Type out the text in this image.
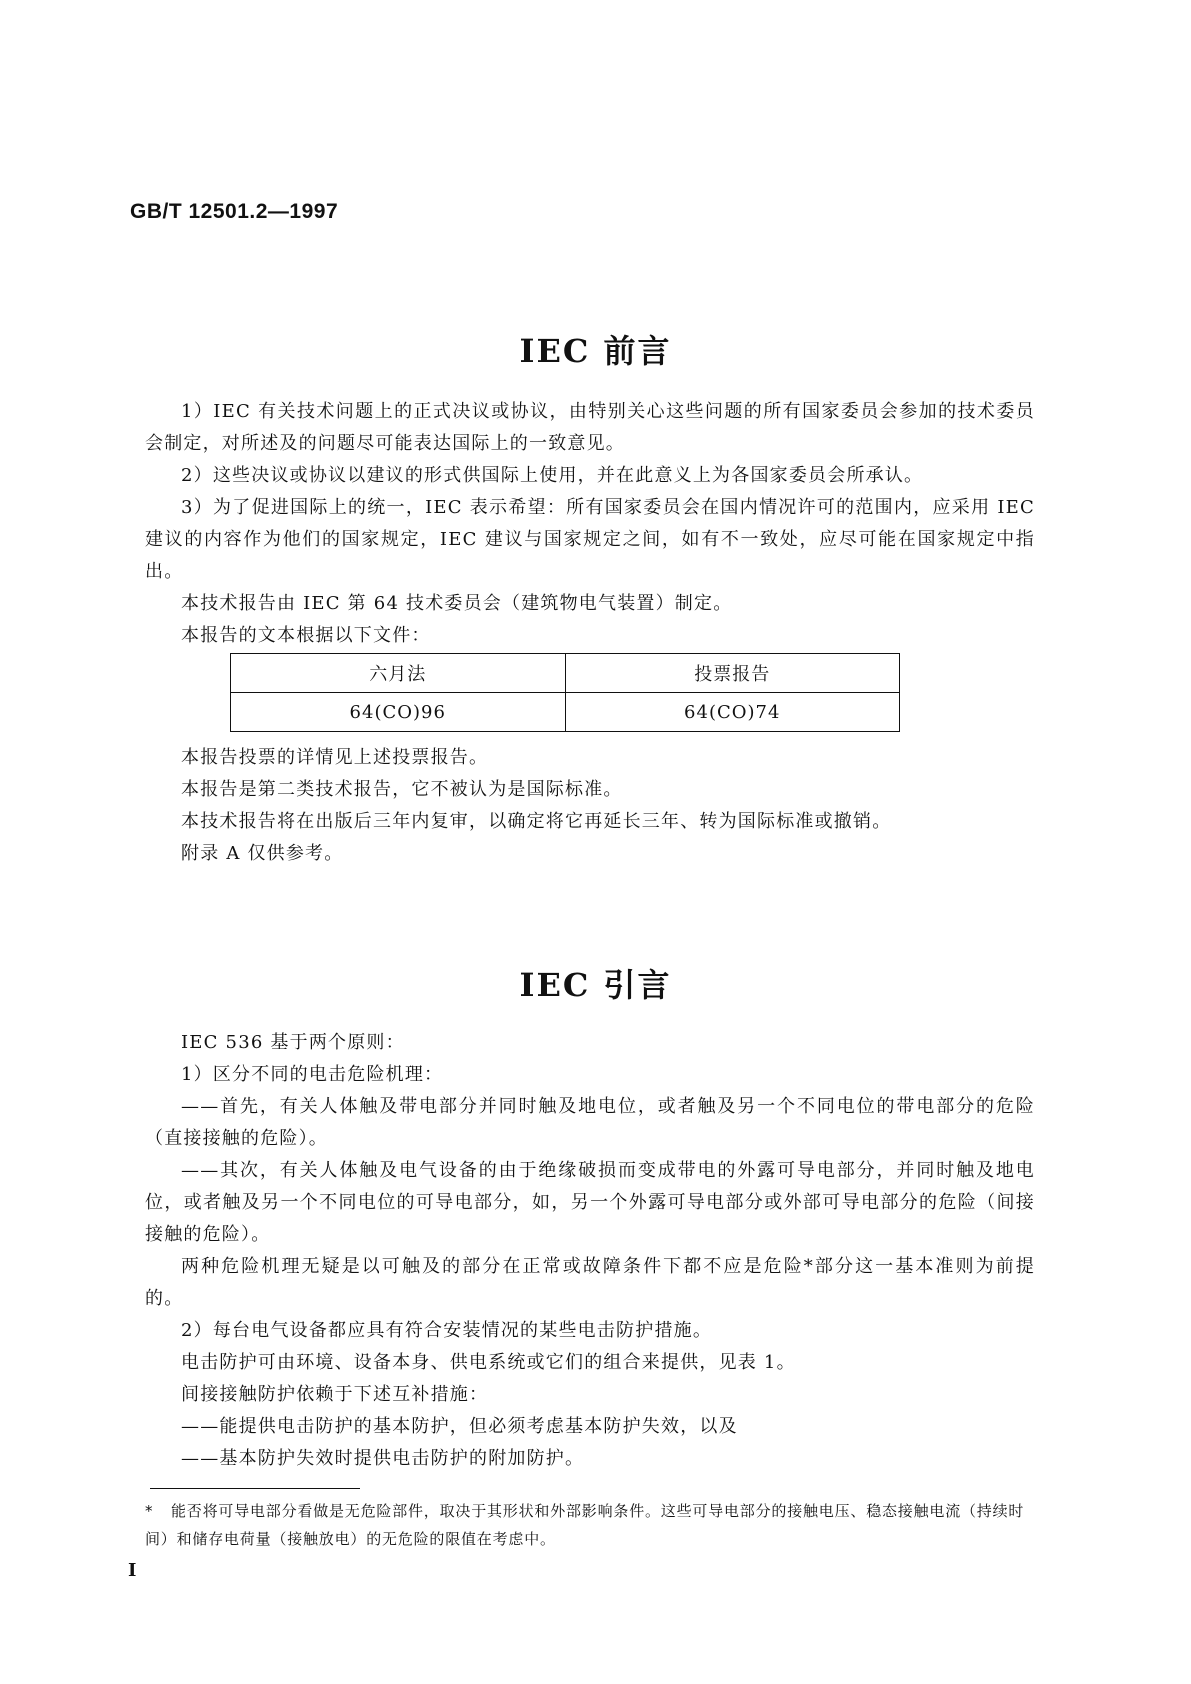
GB/T 12501.2—1997
IEC 前言

1）IEC 有关技术问题上的正式决议或协议，由特别关心这些问题的所有国家委员会参加的技术委员会制定，对所述及的问题尽可能表达国际上的一致意见。

2）这些决议或协议以建议的形式供国际上使用，并在此意义上为各国家委员会所承认。

3）为了促进国际上的统一，IEC 表示希望：所有国家委员会在国内情况许可的范围内，应采用 IEC 建议的内容作为他们的国家规定，IEC 建议与国家规定之间，如有不一致处，应尽可能在国家规定中指出。

本技术报告由 IEC 第 64 技术委员会（建筑物电气装置）制定。

本报告的文本根据以下文件：

六月法	投票报告
64(CO)96	64(CO)74

本报告投票的详情见上述投票报告。

本报告是第二类技术报告，它不被认为是国际标准。

本技术报告将在出版后三年内复审，以确定将它再延长三年、转为国际标准或撤销。

附录 A 仅供参考。

IEC 引言

IEC 536 基于两个原则：

1）区分不同的电击危险机理：

——首先，有关人体触及带电部分并同时触及地电位，或者触及另一个不同电位的带电部分的危险（直接接触的危险）。

——其次，有关人体触及电气设备的由于绝缘破损而变成带电的外露可导电部分，并同时触及地电位，或者触及另一个不同电位的可导电部分，如，另一个外露可导电部分或外部可导电部分的危险（间接接触的危险）。

两种危险机理无疑是以可触及的部分在正常或故障条件下都不应是危险*部分这一基本准则为前提的。

2）每台电气设备都应具有符合安装情况的某些电击防护措施。

电击防护可由环境、设备本身、供电系统或它们的组合来提供，见表 1。

间接接触防护依赖于下述互补措施：

——能提供电击防护的基本防护，但必须考虑基本防护失效，以及

——基本防护失效时提供电击防护的附加防护。

* 能否将可导电部分看做是无危险部件，取决于其形状和外部影响条件。这些可导电部分的接触电压、稳态接触电流（持续时间）和储存电荷量（接触放电）的无危险的限值在考虑中。
I
